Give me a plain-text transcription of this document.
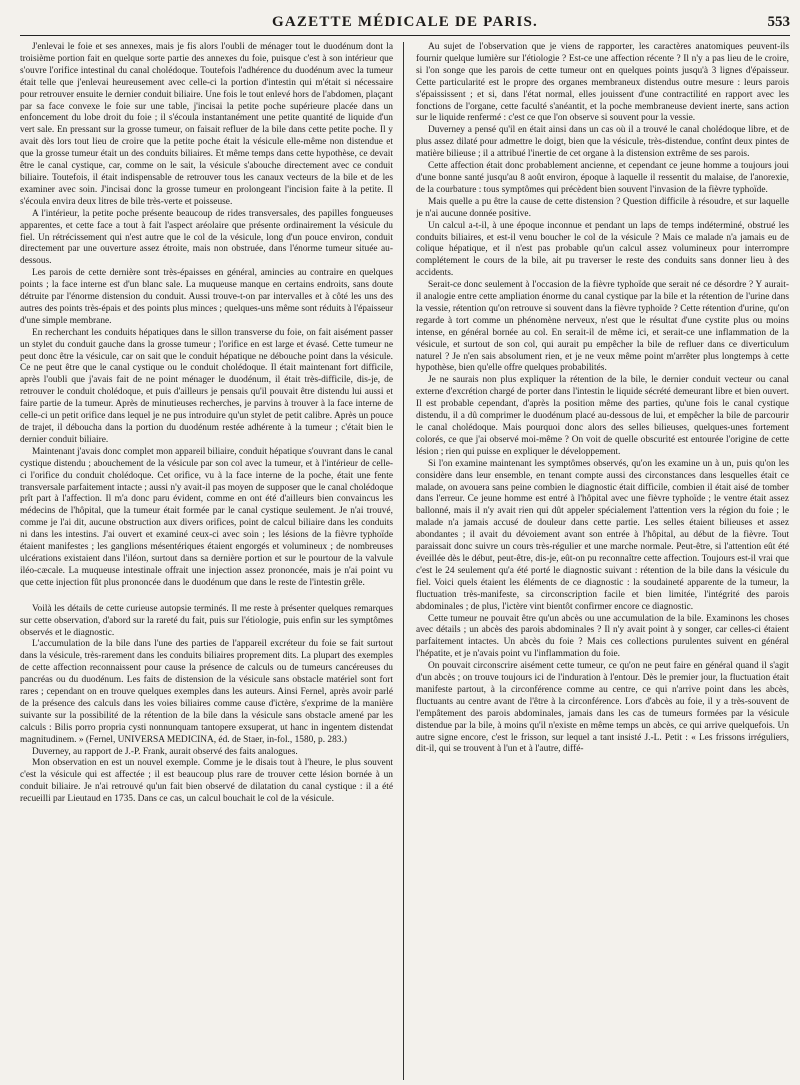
GAZETTE MÉDICALE DE PARIS.	553

J'enlevai le foie et ses annexes, mais je fis alors l'oubli de ménager tout le duodénum dont la troisième portion fait en quelque sorte partie des annexes du foie, puisque c'est à son intérieur que s'ouvre l'orifice intestinal du canal cholédoque. Toutefois l'adhérence du duodénum avec la tumeur était telle que j'enlevai heureusement avec celle-ci la portion d'intestin qui m'était si nécessaire pour retrouver ensuite le dernier conduit biliaire. Une fois le tout enlevé hors de l'abdomen, plaçant par sa face convexe le foie sur une table, j'incisai la petite poche supérieure placée dans un enfoncement du lobe droit du foie ; il s'écoula instantanément une petite quantité de liquide d'un vert sale. En pressant sur la grosse tumeur, on faisait refluer de la bile dans cette petite poche. Il y avait dès lors tout lieu de croire que la petite poche était la vésicule elle-même non distendue et que la grosse tumeur était un des conduits biliaires. Et même temps dans cette hypothèse, ce devait être le canal cystique, car, comme on le sait, la vésicule s'abouche directement avec ce conduit biliaire. Toutefois, il était indispensable de retrouver tous les canaux vecteurs de la bile et de les examiner avec soin. J'incisai donc la grosse tumeur en prolongeant l'incision faite à la petite. Il s'écoula envira deux litres de bile très-verte et poisseuse.

A l'intérieur, la petite poche présente beaucoup de rides transversales, des papilles fongueuses apparentes, et cette face a tout à fait l'aspect aréolaire que présente ordinairement la vésicule du fiel. Un rétrécissement qui n'est autre que le col de la vésicule, long d'un pouce environ, conduit directement par une ouverture assez étroite, mais non obstruée, dans l'énorme tumeur située au-dessous.

Les parois de cette dernière sont très-épaisses en général, amincies au contraire en quelques points ; la face interne est d'un blanc sale. La muqueuse manque en certains endroits, sans doute détruite par l'énorme distension du conduit. Aussi trouve-t-on par intervalles et à côté les uns des autres des points très-épais et des points plus minces ; quelques-uns même sont réduits à l'épaisseur d'une simple membrane.

En recherchant les conduits hépatiques dans le sillon transverse du foie, on fait aisément passer un stylet du conduit gauche dans la grosse tumeur ; l'orifice en est large et évasé. Cette tumeur ne peut donc être la vésicule, car on sait que le conduit hépatique ne débouche point dans la vésicule. Ce ne peut être que le canal cystique ou le conduit cholédoque. Il était maintenant fort difficile, après l'oubli que j'avais fait de ne point ménager le duodénum, il était très-difficile, dis-je, de retrouver le conduit cholédoque, et puis d'ailleurs je pensais qu'il pouvait être distendu lui aussi et faire partie de la tumeur. Après de minutieuses recherches, je parvins à trouver à la face interne de celle-ci un petit orifice dans lequel je ne pus introduire qu'un stylet de petit calibre. Après un pouce de trajet, il déboucha dans la portion du duodénum restée adhérente à la tumeur ; c'était bien le dernier conduit biliaire.

Maintenant j'avais donc complet mon appareil biliaire, conduit hépatique s'ouvrant dans le canal cystique distendu ; abouchement de la vésicule par son col avec la tumeur, et à l'intérieur de celle-ci l'orifice du conduit cholédoque. Cet orifice, vu à la face interne de la poche, était une fente transversale parfaitement intacte ; aussi n'y avait-il pas moyen de supposer que le canal cholédoque prît part à l'affection. Il m'a donc paru évident, comme en ont été d'ailleurs bien convaincus les médecins de l'hôpital, que la tumeur était formée par le canal cystique seulement. Je n'ai trouvé, comme je l'ai dit, aucune obstruction aux divers orifices, point de calcul biliaire dans les conduits ni dans les intestins. J'ai ouvert et examiné ceux-ci avec soin ; les lésions de la fièvre typhoïde étaient manifestes ; les ganglions mésentériques étaient engorgés et volumineux ; de nombreuses ulcérations existaient dans l'iléon, surtout dans sa dernière portion et sur le pourtour de la valvule iléo-cæcale. La muqueuse intestinale offrait une injection assez prononcée, mais je n'ai point vu que cette injection fût plus prononcée dans le duodénum que dans le reste de l'intestin grêle.

Voilà les détails de cette curieuse autopsie terminés. Il me reste à présenter quelques remarques sur cette observation, d'abord sur la rareté du fait, puis sur l'étiologie, puis enfin sur les symptômes observés et le diagnostic.

L'accumulation de la bile dans l'une des parties de l'appareil excréteur du foie se fait surtout dans la vésicule, très-rarement dans les conduits biliaires proprement dits. La plupart des exemples de cette affection reconnaissent pour cause la présence de calculs ou de tumeurs cancéreuses du pancréas ou du duodénum. Les faits de distension de la vésicule sans obstacle matériel sont fort rares ; cependant on en trouve quelques exemples dans les auteurs. Ainsi Fernel, après avoir parlé de la présence des calculs dans les voies biliaires comme cause d'ictère, s'exprime de la manière suivante sur la possibilité de la rétention de la bile dans la vésicule sans obstacle amené par les calculs : Bilis porro propria cysti nonnunquam tantopere exsuperat, ut hanc in ingentem distendat magnitudinem. » (Fernel, UNIVERSA MEDICINA, éd. de Staer, in-fol., 1580, p. 283.)

Duverney, au rapport de J.-P. Frank, aurait observé des faits analogues.

Mon observation en est un nouvel exemple. Comme je le disais tout à l'heure, le plus souvent c'est la vésicule qui est affectée ; il est beaucoup plus rare de trouver cette lésion bornée à un conduit biliaire. Je n'ai retrouvé qu'un fait bien observé de dilatation du canal cystique : il a été recueilli par Lieutaud en 1735. Dans ce cas, un calcul bouchait le col de la vésicule.

Au sujet de l'observation que je viens de rapporter, les caractères anatomiques peuvent-ils fournir quelque lumière sur l'étiologie ? Est-ce une affection récente ? Il n'y a pas lieu de le croire, si l'on songe que les parois de cette tumeur ont en quelques points jusqu'à 3 lignes d'épaisseur. Cette particularité est le propre des organes membraneux distendus outre mesure : leurs parois s'épaississent ; et si, dans l'état normal, elles jouissent d'une contractilité en rapport avec les fonctions de l'organe, cette faculté s'anéantit, et la poche membraneuse devient inerte, sans action sur le liquide renfermé : c'est ce que l'on observe si souvent pour la vessie.

Duverney a pensé qu'il en était ainsi dans un cas où il a trouvé le canal cholédoque libre, et de plus assez dilaté pour admettre le doigt, bien que la vésicule, très-distendue, contînt deux pintes de matière bilieuse ; il a attribué l'inertie de cet organe à la distension extrême de ses parois.

Cette affection était donc probablement ancienne, et cependant ce jeune homme a toujours joui d'une bonne santé jusqu'au 8 août environ, époque à laquelle il ressentit du malaise, de l'anorexie, de la courbature : tous symptômes qui précèdent bien souvent l'invasion de la fièvre typhoïde.

Mais quelle a pu être la cause de cette distension ? Question difficile à résoudre, et sur laquelle je n'ai aucune donnée positive.

Un calcul a-t-il, à une époque inconnue et pendant un laps de temps indéterminé, obstrué les conduits biliaires, et est-il venu boucher le col de la vésicule ? Mais ce malade n'a jamais eu de colique hépatique, et il n'est pas probable qu'un calcul assez volumineux pour interrompre complétement le cours de la bile, ait pu traverser le reste des conduits sans donner lieu à des accidents.

Serait-ce donc seulement à l'occasion de la fièvre typhoïde que serait né ce désordre ? Y aurait-il analogie entre cette ampliation énorme du canal cystique par la bile et la rétention de l'urine dans la vessie, rétention qu'on retrouve si souvent dans la fièvre typhoïde ? Cette rétention d'urine, qu'on regarde à tort comme un phénomène nerveux, n'est que le résultat d'une cystite plus ou moins intense, en général bornée au col. En serait-il de même ici, et serait-ce une inflammation de la vésicule, et surtout de son col, qui aurait pu empêcher la bile de refluer dans ce diverticulum naturel ? Je n'en sais absolument rien, et je ne veux même point m'arrêter plus longtemps à cette hypothèse, bien qu'elle offre quelques probabilités.

Je ne saurais non plus expliquer la rétention de la bile, le dernier conduit vecteur ou canal externe d'excrétion chargé de porter dans l'intestin le liquide sécrété demeurant libre et bien ouvert. Il est probable cependant, d'après la position même des parties, qu'une fois le canal cystique distendu, il a dû comprimer le duodénum placé au-dessous de lui, et empêcher la bile de parcourir le canal cholédoque. Mais pourquoi donc alors des selles bilieuses, quelques-unes fortement colorés, ce que j'ai observé moi-même ? On voit de quelle obscurité est entourée l'origine de cette lésion ; rien qui puisse en expliquer le développement.

Si l'on examine maintenant les symptômes observés, qu'on les examine un à un, puis qu'on les considère dans leur ensemble, en tenant compte aussi des circonstances dans lesquelles était ce malade, on avouera sans peine combien le diagnostic était difficile, combien il était aisé de tomber dans l'erreur. Ce jeune homme est entré à l'hôpital avec une fièvre typhoïde ; le ventre était assez ballonné, mais il n'y avait rien qui dût appeler spécialement l'attention vers la région du foie ; le malade n'a jamais accusé de douleur dans cette partie. Les selles étaient bilieuses et assez abondantes ; il avait du dévoiement avant son entrée à l'hôpital, au début de la fièvre. Tout paraissait donc suivre un cours très-régulier et une marche normale. Peut-être, si l'attention eût été éveillée dès le début, peut-être, dis-je, eût-on pu reconnaître cette affection. Toujours est-il vrai que c'est le 24 seulement qu'a été porté le diagnostic suivant : rétention de la bile dans la vésicule du fiel. Voici quels étaient les éléments de ce diagnostic : la soudaineté apparente de la tumeur, la fluctuation très-manifeste, sa circonscription facile et bien limitée, l'intégrité des parois abdominales ; de plus, l'ictère vint bientôt confirmer encore ce diagnostic.

Cette tumeur ne pouvait être qu'un abcès ou une accumulation de la bile. Examinons les choses avec détails ; un abcès des parois abdominales ? Il n'y avait point à y songer, car celles-ci étaient parfaitement intactes. Un abcès du foie ? Mais ces collections purulentes suivent en général l'hépatite, et je n'avais point vu l'inflammation du foie.

On pouvait circonscrire aisément cette tumeur, ce qu'on ne peut faire en général quand il s'agit d'un abcès ; on trouve toujours ici de l'induration à l'entour. Dès le premier jour, la fluctuation était manifeste partout, à la circonférence comme au centre, ce qui n'arrive point dans les abcès, fluctuants au centre avant de l'être à la circonférence. Lors d'abcès au foie, il y a très-souvent de l'empâtement des parois abdominales, jamais dans les cas de tumeurs formées par la vésicule distendue par la bile, à moins qu'il n'existe en même temps un abcès, ce qui arrive quelquefois. Un autre signe encore, c'est le frisson, sur lequel a tant insisté J.-L. Petit : « Les frissons irréguliers, dit-il, qui se trouvent à l'un et à l'autre, diffé-
